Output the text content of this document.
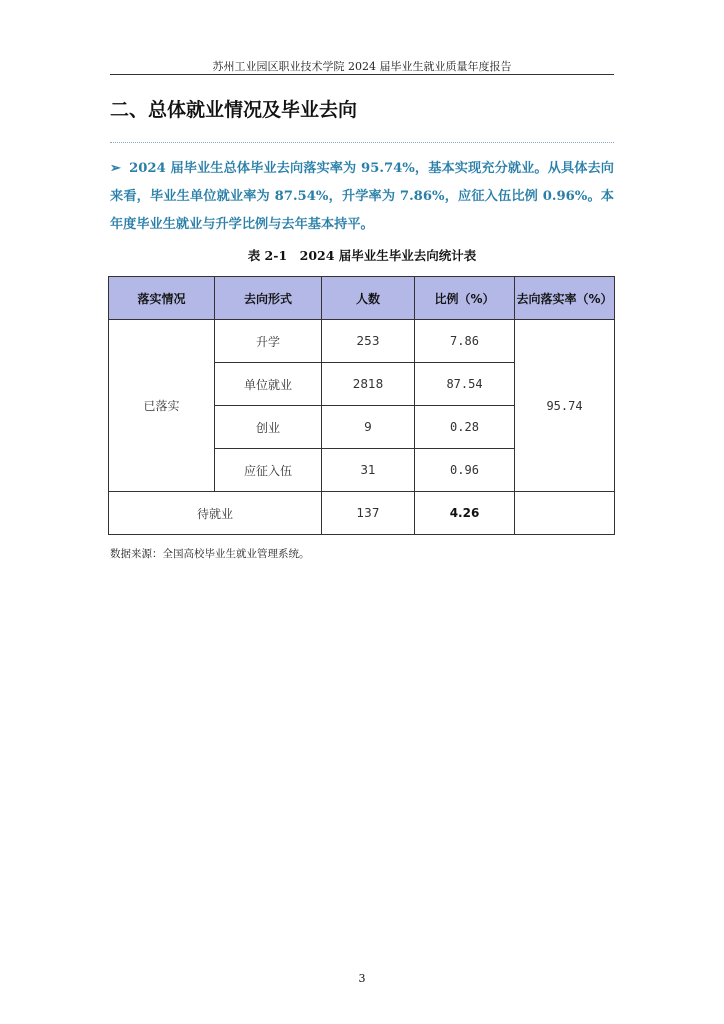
苏州工业园区职业技术学院 2024 届毕业生就业质量年度报告
二、总体就业情况及毕业去向
➢ 2024 届毕业生总体毕业去向落实率为 95.74%，基本实现充分就业。从具体去向来看，毕业生单位就业率为 87.54%，升学率为 7.86%，应征入伍比例 0.96%。本年度毕业生就业与升学比例与去年基本持平。
表 2-1　2024 届毕业生毕业去向统计表
落实情况	去向形式	人数	比例（%）	去向落实率（%）
已落实	升学	253	7.86	95.74
	单位就业	2818	87.54	
	创业	9	0.28	
	应征入伍	31	0.96	
待就业		137	4.26	
数据来源：全国高校毕业生就业管理系统。
3
